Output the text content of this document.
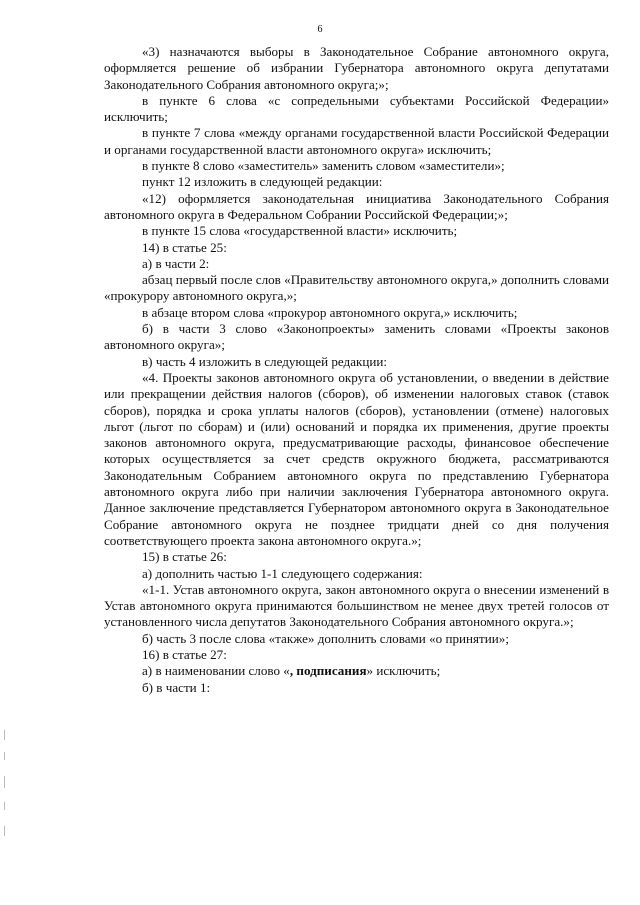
6

«3) назначаются выборы в Законодательное Собрание автономного округа, оформляется решение об избрании Губернатора автономного округа депутатами Законодательного Собрания автономного округа;»;

в пункте 6 слова «с сопредельными субъектами Российской Федерации» исключить;

в пункте 7 слова «между органами государственной власти Российской Федерации и органами государственной власти автономного округа» исключить;

в пункте 8 слово «заместитель» заменить словом «заместители»;

пункт 12 изложить в следующей редакции:

«12) оформляется законодательная инициатива Законодательного Собрания автономного округа в Федеральном Собрании Российской Федерации;»;

в пункте 15 слова «государственной власти» исключить;

14) в статье 25:

а) в части 2:

абзац первый после слов «Правительству автономного округа,» дополнить словами «прокурору автономного округа,»;

в абзаце втором слова «прокурор автономного округа,» исключить;

б) в части 3 слово «Законопроекты» заменить словами «Проекты законов автономного округа»;

в) часть 4 изложить в следующей редакции:

«4. Проекты законов автономного округа об установлении, о введении в действие или прекращении действия налогов (сборов), об изменении налоговых ставок (ставок сборов), порядка и срока уплаты налогов (сборов), установлении (отмене) налоговых льгот (льгот по сборам) и (или) оснований и порядка их применения, другие проекты законов автономного округа, предусматривающие расходы, финансовое обеспечение которых осуществляется за счет средств окружного бюджета, рассматриваются Законодательным Собранием автономного округа по представлению Губернатора автономного округа либо при наличии заключения Губернатора автономного округа. Данное заключение представляется Губернатором автономного округа в Законодательное Собрание автономного округа не позднее тридцати дней со дня получения соответствующего проекта закона автономного округа.»;

15) в статье 26:

а) дополнить частью 1-1 следующего содержания:

«1-1. Устав автономного округа, закон автономного округа о внесении изменений в Устав автономного округа принимаются большинством не менее двух третей голосов от установленного числа депутатов Законодательного Собрания автономного округа.»;

б) часть 3 после слова «также» дополнить словами «о принятии»;

16) в статье 27:

а) в наименовании слово «, подписания» исключить;

б) в части 1:
